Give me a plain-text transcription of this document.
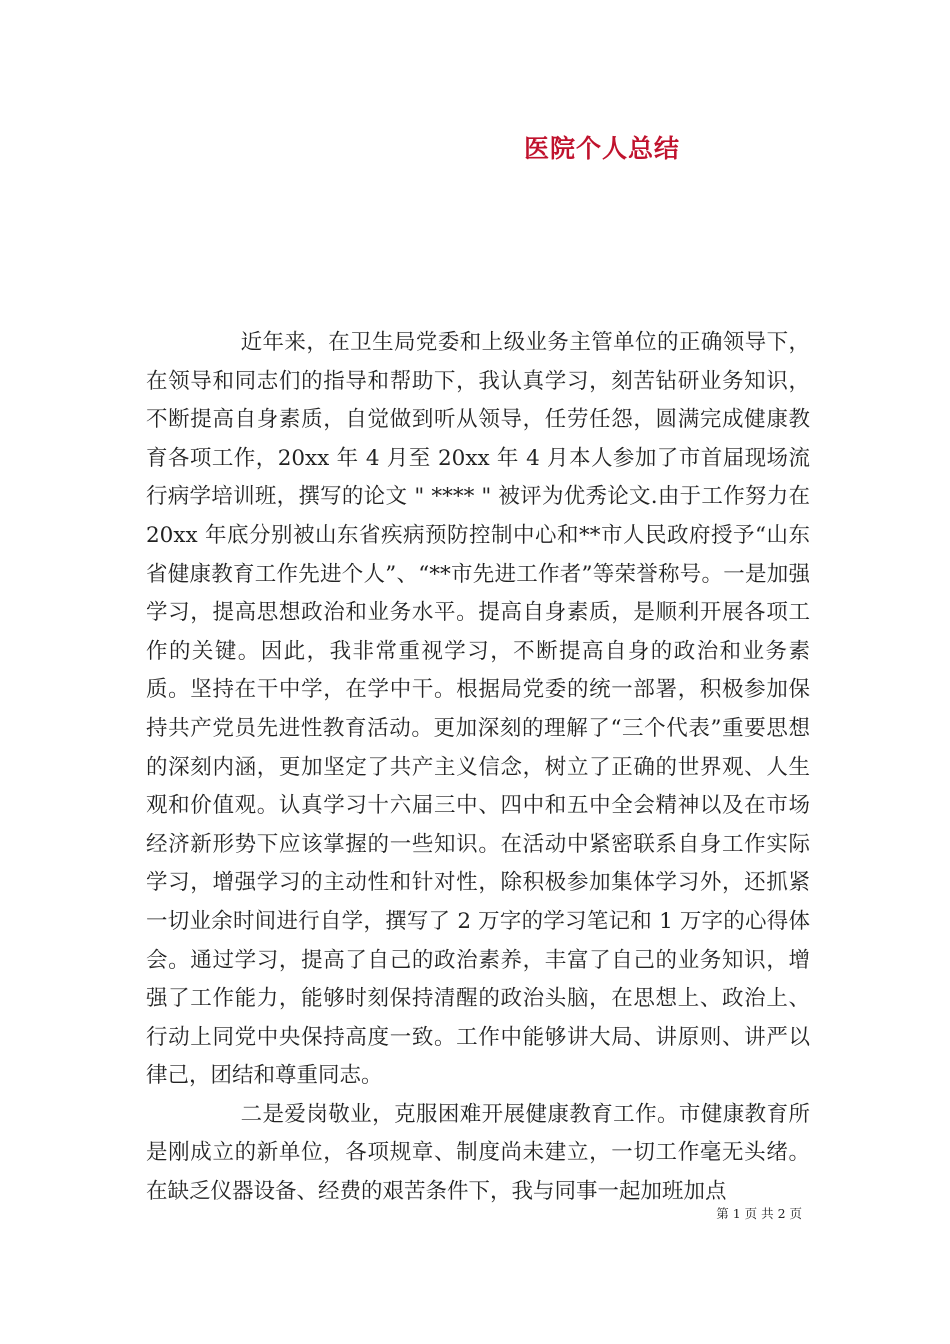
医院个人总结

近年来，在卫生局党委和上级业务主管单位的正确领导下，在领导和同志们的指导和帮助下，我认真学习，刻苦钻研业务知识，不断提高自身素质，自觉做到听从领导，任劳任怨，圆满完成健康教育各项工作，20xx 年 4 月至 20xx 年 4 月本人参加了市首届现场流行病学培训班，撰写的论文 " **** " 被评为优秀论文.由于工作努力在 20xx 年底分别被山东省疾病预防控制中心和**市人民政府授予“山东省健康教育工作先进个人”、“**市先进工作者”等荣誉称号。一是加强学习，提高思想政治和业务水平。提高自身素质，是顺利开展各项工作的关键。因此，我非常重视学习，不断提高自身的政治和业务素质。坚持在干中学，在学中干。根据局党委的统一部署，积极参加保持共产党员先进性教育活动。更加深刻的理解了“三个代表”重要思想的深刻内涵，更加坚定了共产主义信念，树立了正确的世界观、人生观和价值观。认真学习十六届三中、四中和五中全会精神以及在市场经济新形势下应该掌握的一些知识。在活动中紧密联系自身工作实际学习，增强学习的主动性和针对性，除积极参加集体学习外，还抓紧一切业余时间进行自学，撰写了 2 万字的学习笔记和 1 万字的心得体会。通过学习，提高了自己的政治素养，丰富了自己的业务知识，增强了工作能力，能够时刻保持清醒的政治头脑，在思想上、政治上、行动上同党中央保持高度一致。工作中能够讲大局、讲原则、讲严以律己，团结和尊重同志。

二是爱岗敬业，克服困难开展健康教育工作。市健康教育所是刚成立的新单位，各项规章、制度尚未建立，一切工作毫无头绪。在缺乏仪器设备、经费的艰苦条件下，我与同事一起加班加点

第 1 页 共 2 页
